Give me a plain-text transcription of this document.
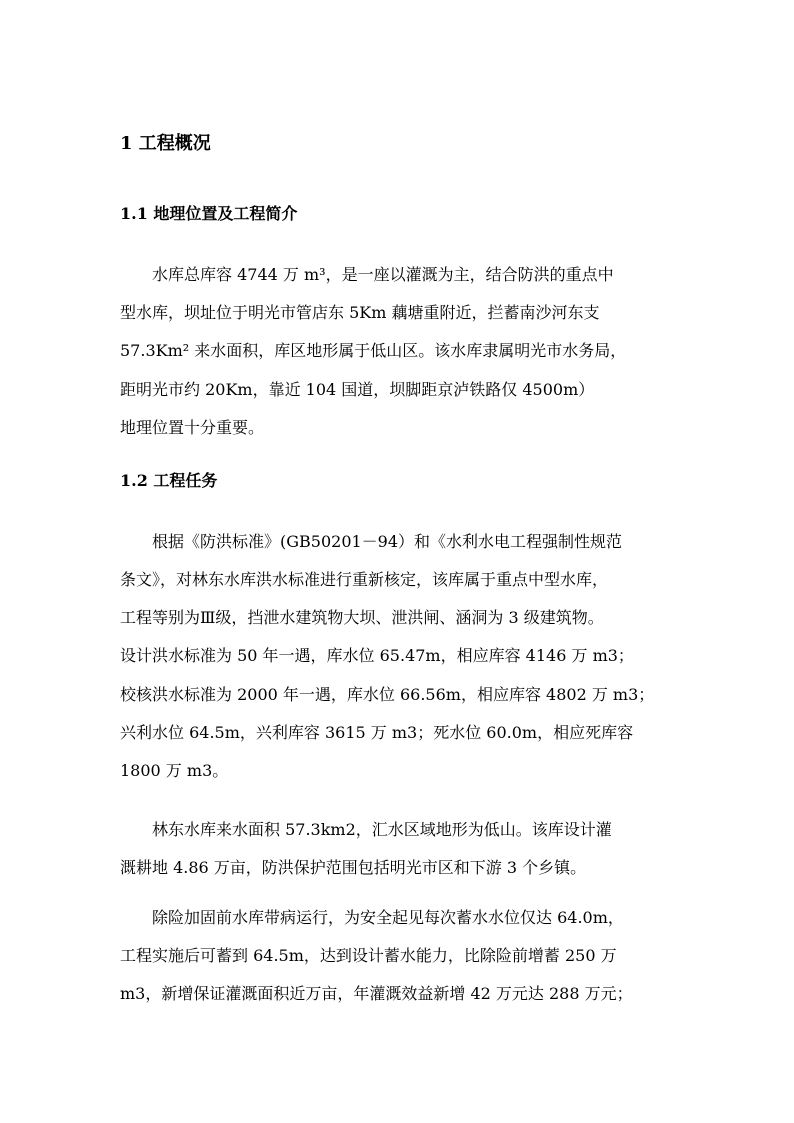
1 工程概况
1.1 地理位置及工程简介
水库总库容 4744 万 m³，是一座以灌溉为主，结合防洪的重点中
型水库，坝址位于明光市管店东 5Km 藕塘重附近，拦蓄南沙河东支
57.3Km² 来水面积，库区地形属于低山区。该水库隶属明光市水务局，
距明光市约 20Km，靠近 104 国道，坝脚距京泸铁路仅 4500m）
地理位置十分重要。
1.2 工程任务
根据《防洪标准》(GB50201－94）和《水利水电工程强制性规范
条文》，对林东水库洪水标准进行重新核定，该库属于重点中型水库，
工程等别为Ⅲ级，挡泄水建筑物大坝、泄洪闸、涵洞为 3 级建筑物。
设计洪水标准为 50 年一遇，库水位 65.47m，相应库容 4146 万 m3；
校核洪水标准为 2000 年一遇，库水位 66.56m，相应库容 4802 万 m3；
兴利水位 64.5m，兴利库容 3615 万 m3；死水位 60.0m，相应死库容
1800 万 m3。
林东水库来水面积 57.3km2，汇水区域地形为低山。该库设计灌
溉耕地 4.86 万亩，防洪保护范围包括明光市区和下游 3 个乡镇。
除险加固前水库带病运行，为安全起见每次蓄水水位仅达 64.0m，
工程实施后可蓄到 64.5m，达到设计蓄水能力，比除险前增蓄 250 万
m3，新增保证灌溉面积近万亩，年灌溉效益新增 42 万元达 288 万元；
